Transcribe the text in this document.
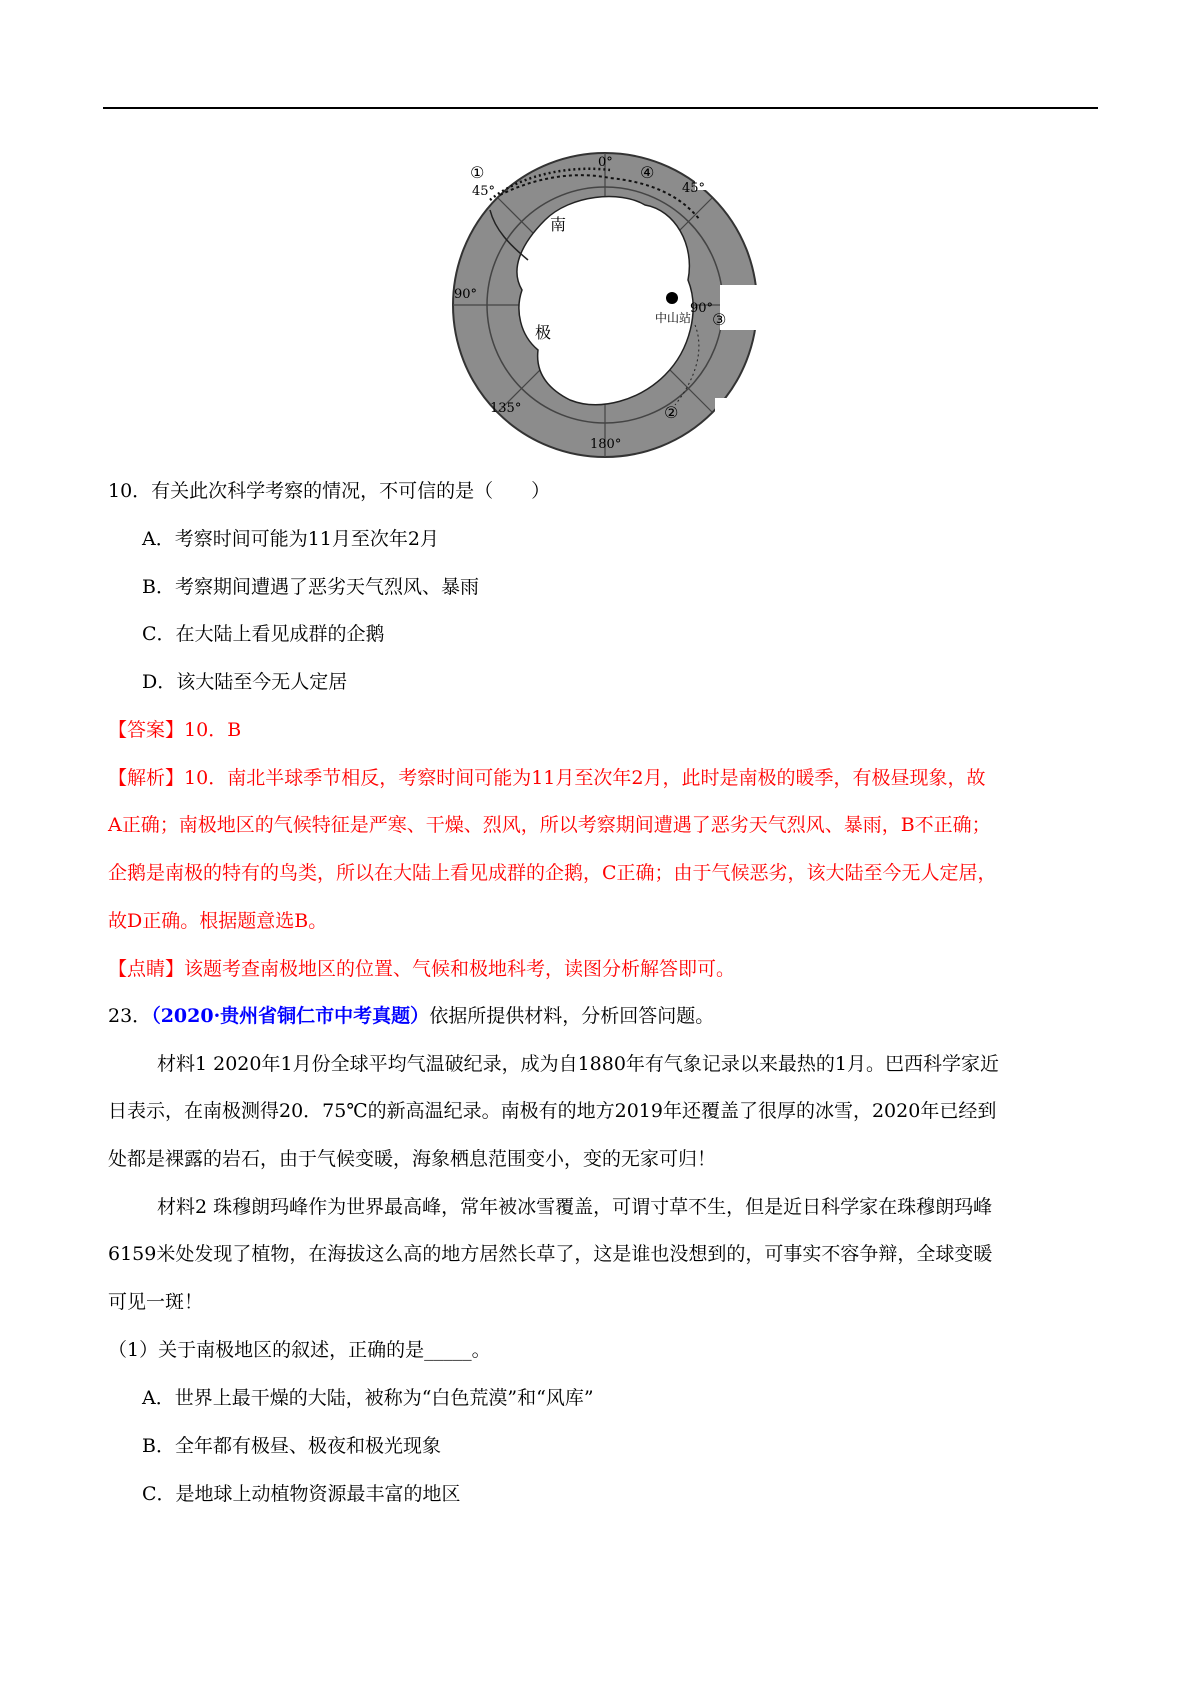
0°
45°	45°
90°
90°
135°
180°
南
极
中山站
①
②
③
④
10．有关此次科学考察的情况，不可信的是（　　）
A．考察时间可能为11月至次年2月
B．考察期间遭遇了恶劣天气烈风、暴雨
C．在大陆上看见成群的企鹅
D．该大陆至今无人定居
【答案】10．B
【解析】10．南北半球季节相反，考察时间可能为11月至次年2月，此时是南极的暖季，有极昼现象，故
A正确；南极地区的气候特征是严寒、干燥、烈风，所以考察期间遭遇了恶劣天气烈风、暴雨，B不正确；
企鹅是南极的特有的鸟类，所以在大陆上看见成群的企鹅，C正确；由于气候恶劣，该大陆至今无人定居，
故D正确。根据题意选B。
【点睛】该题考查南极地区的位置、气候和极地科考，读图分析解答即可。
23．（2020·贵州省铜仁市中考真题）依据所提供材料，分析回答问题。
材料1 2020年1月份全球平均气温破纪录，成为自1880年有气象记录以来最热的1月。巴西科学家近
日表示，在南极测得20．75℃的新高温纪录。南极有的地方2019年还覆盖了很厚的冰雪，2020年已经到
处都是裸露的岩石，由于气候变暖，海象栖息范围变小，变的无家可归！
材料2 珠穆朗玛峰作为世界最高峰，常年被冰雪覆盖，可谓寸草不生，但是近日科学家在珠穆朗玛峰
6159米处发现了植物，在海拔这么高的地方居然长草了，这是谁也没想到的，可事实不容争辩，全球变暖
可见一斑！
（1）关于南极地区的叙述，正确的是_____。
A．世界上最干燥的大陆，被称为“白色荒漠”和“风库”
B．全年都有极昼、极夜和极光现象
C．是地球上动植物资源最丰富的地区
